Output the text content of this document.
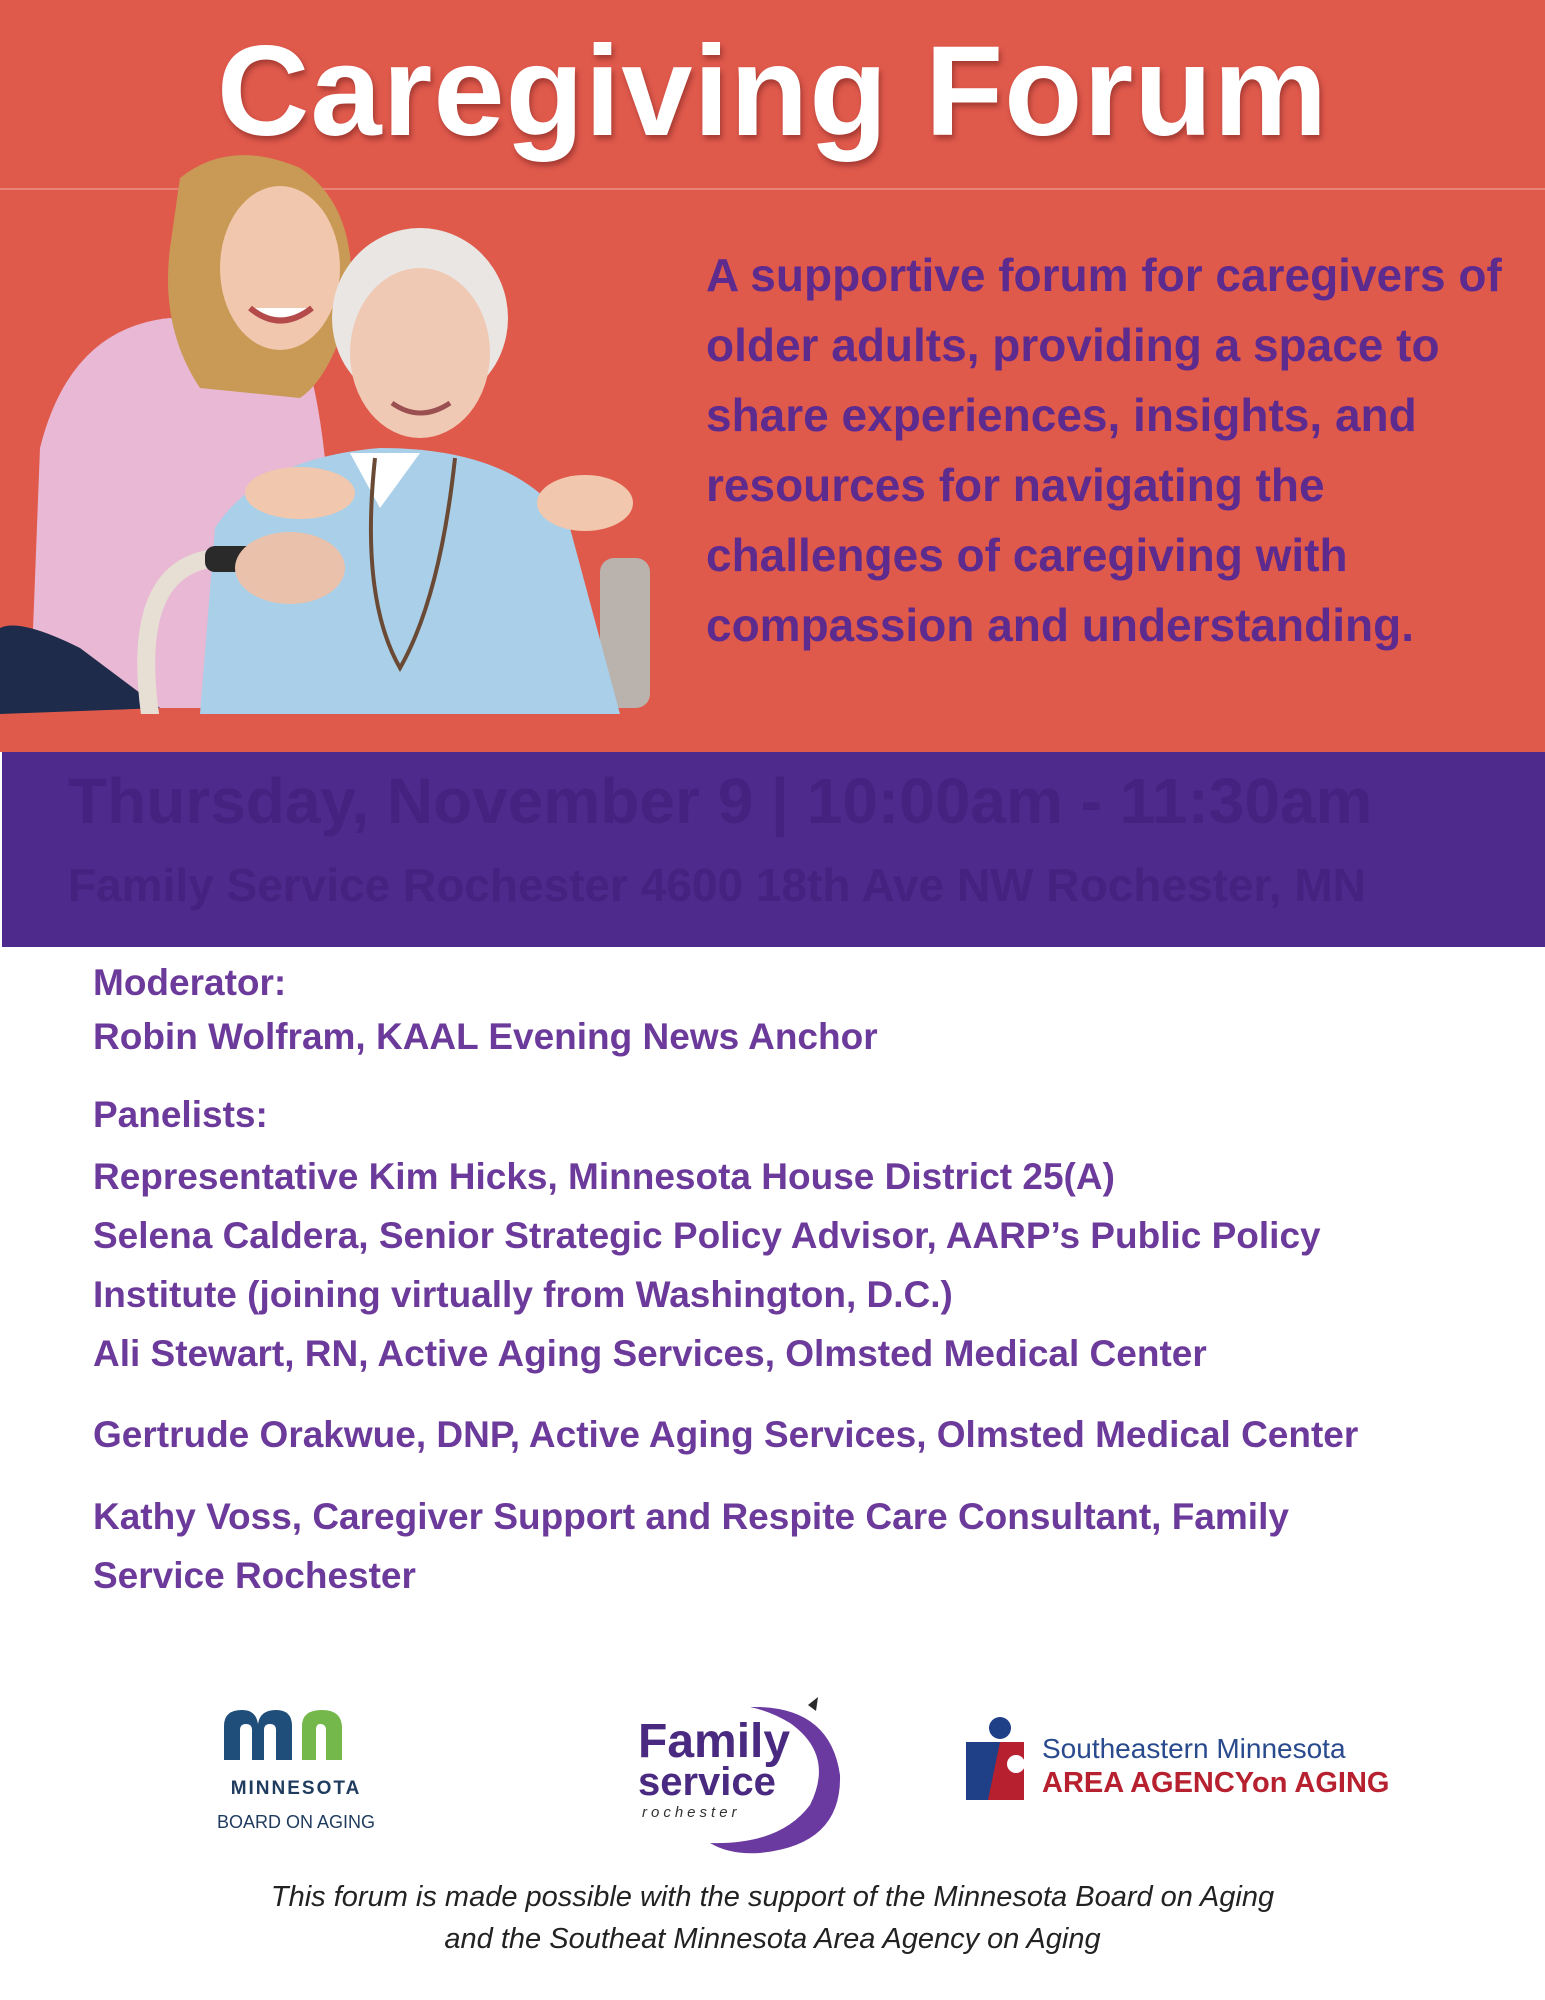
Caregiving Forum
A supportive forum for caregivers of
older adults, providing a space to
share experiences, insights, and
resources for navigating the
challenges of caregiving with
compassion and understanding.
Thursday, November 9 | 10:00am - 11:30am
Family Service Rochester 4600 18th Ave NW Rochester, MN
Moderator:
Robin Wolfram, KAAL Evening News Anchor
Panelists:
Representative Kim Hicks, Minnesota House District 25(A)
Selena Caldera, Senior Strategic Policy Advisor, AARP’s Public Policy
Institute (joining virtually from Washington, D.C.)
Ali Stewart, RN, Active Aging Services, Olmsted Medical Center
Gertrude Orakwue, DNP, Active Aging Services, Olmsted Medical Center
Kathy Voss, Caregiver Support and Respite Care Consultant, Family
Service Rochester
MINNESOTA
BOARD ON AGING
Family
service
rochester
Southeastern Minnesota
AREA AGENCYon AGING
This forum is made possible with the support of the Minnesota Board on Aging
and the Southeat Minnesota Area Agency on Aging
